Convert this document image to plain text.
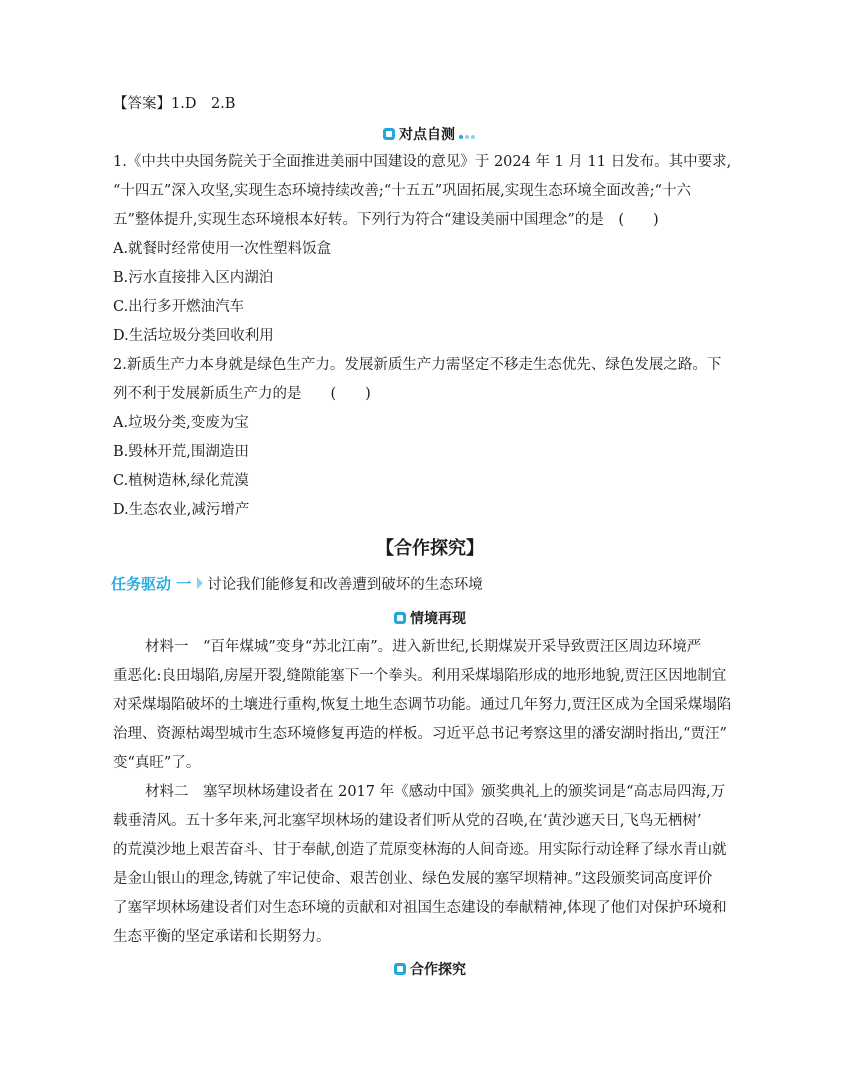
【答案】1.D　2.B
对点自测
1.《中共中央国务院关于全面推进美丽中国建设的意见》于 2024 年 1 月 11 日发布。其中要求,
“十四五”深入攻坚,实现生态环境持续改善;“十五五”巩固拓展,实现生态环境全面改善;“十六
五”整体提升,实现生态环境根本好转。下列行为符合“建设美丽中国理念”的是　(　　)
A.就餐时经常使用一次性塑料饭盒
B.污水直接排入区内湖泊
C.出行多开燃油汽车
D.生活垃圾分类回收利用
2.新质生产力本身就是绿色生产力。发展新质生产力需坚定不移走生态优先、绿色发展之路。下
列不利于发展新质生产力的是　　(　　)
A.垃圾分类,变废为宝
B.毁林开荒,围湖造田
C.植树造林,绿化荒漠
D.生态农业,减污增产
【合作探究】
任务驱动 一 讨论我们能修复和改善遭到破坏的生态环境
情境再现
材料一　“百年煤城”变身“苏北江南”。进入新世纪,长期煤炭开采导致贾汪区周边环境严
重恶化:良田塌陷,房屋开裂,缝隙能塞下一个拳头。利用采煤塌陷形成的地形地貌,贾汪区因地制宜
对采煤塌陷破坏的土壤进行重构,恢复土地生态调节功能。通过几年努力,贾汪区成为全国采煤塌陷
治理、资源枯竭型城市生态环境修复再造的样板。习近平总书记考察这里的潘安湖时指出,“贾汪”
变“真旺”了。
材料二　塞罕坝林场建设者在 2017 年《感动中国》颁奖典礼上的颁奖词是“高志局四海,万
载垂清风。五十多年来,河北塞罕坝林场的建设者们听从党的召唤,在‘黄沙遮天日,飞鸟无栖树’
的荒漠沙地上艰苦奋斗、甘于奉献,创造了荒原变林海的人间奇迹。用实际行动诠释了绿水青山就
是金山银山的理念,铸就了牢记使命、艰苦创业、绿色发展的塞罕坝精神。”这段颁奖词高度评价
了塞罕坝林场建设者们对生态环境的贡献和对祖国生态建设的奉献精神,体现了他们对保护环境和
生态平衡的坚定承诺和长期努力。
合作探究
